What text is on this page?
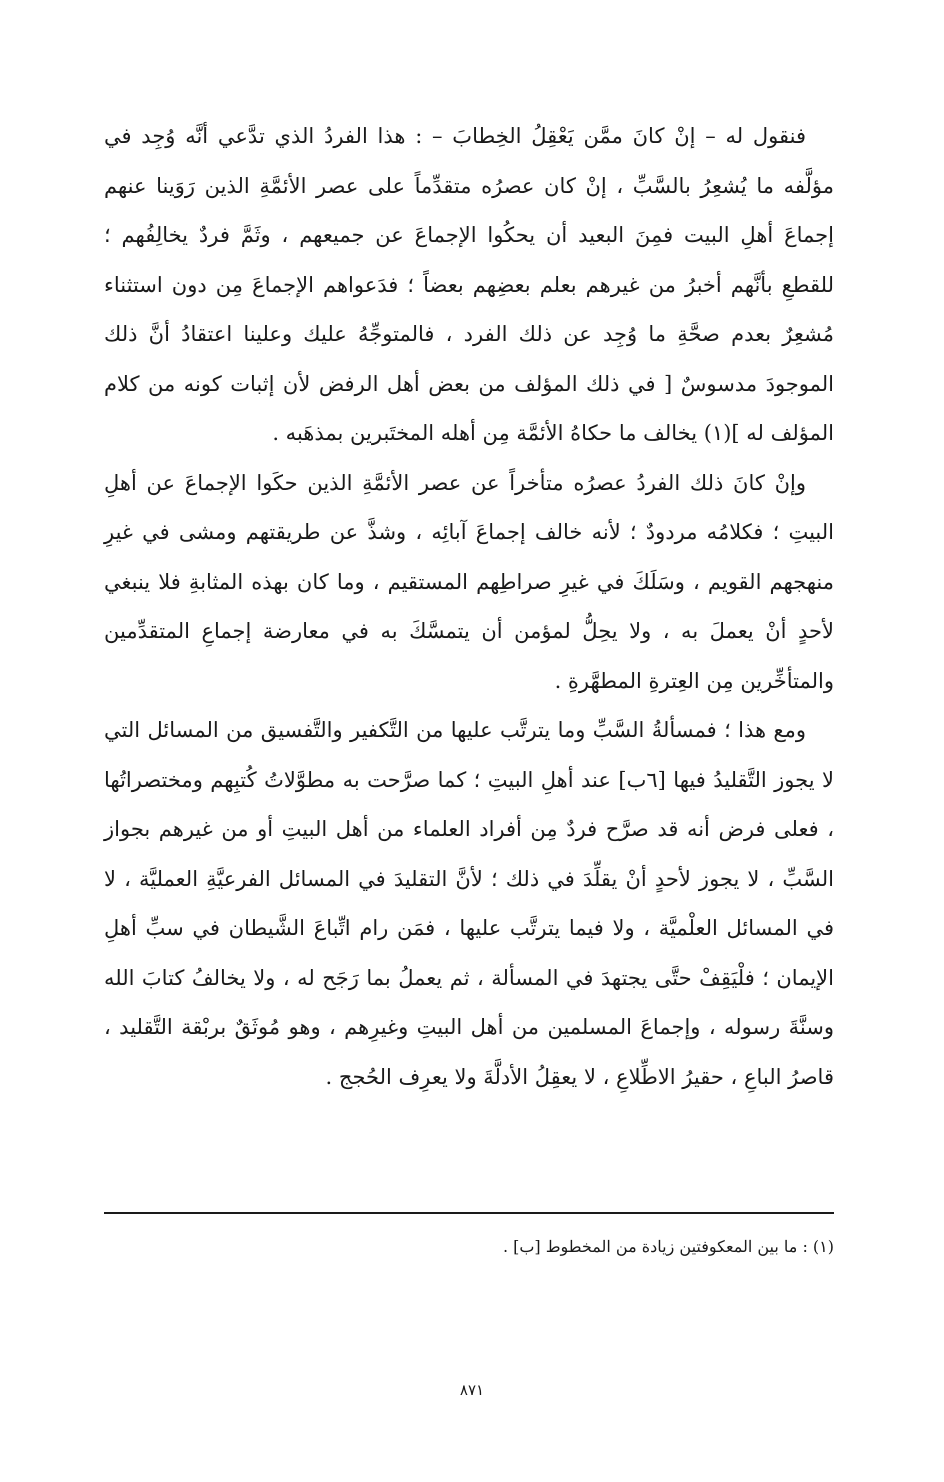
فنقول له – إنْ كانَ ممَّن يَعْقِلُ الخِطابَ – : هذا الفردُ الذي تدَّعي أنَّه وُجِد في مؤلَّفه ما يُشعِرُ بالسَّبِّ ، إنْ كان عصرُه متقدِّماً على عصر الأئمَّةِ الذين رَوَينا عنهم إجماعَ أهلِ البيت فمِنَ البعيد أن يحكُوا الإجماعَ عن جميعهم ، وثَمَّ فردٌ يخالِفُهم ؛ للقطعِ بأنَّهم أخبرُ من غيرهم بعلم بعضِهم بعضاً ؛ فدَعواهم الإجماعَ مِن دون استثناء مُشعِرٌ بعدم صحَّةِ ما وُجِد عن ذلك الفرد ، فالمتوجِّهُ عليك وعلينا اعتقادُ أنَّ ذلك الموجودَ مدسوسٌ [ في ذلك المؤلف من بعض أهل الرفض لأن إثبات كونه من كلام المؤلف له ](١) يخالف ما حكاهُ الأئمَّة مِن أهله المختَبرين بمذهَبه .

وإنْ كانَ ذلك الفردُ عصرُه متأخراً عن عصر الأئمَّةِ الذين حكَوا الإجماعَ عن أهلِ البيتِ ؛ فكلامُه مردودٌ ؛ لأنه خالف إجماعَ آبائِه ، وشذَّ عن طريقتهم ومشى في غيرِ منهجهم القويم ، وسَلَكَ في غيرِ صراطِهم المستقيم ، وما كان بهذه المثابةِ فلا ينبغي لأحدٍ أنْ يعملَ به ، ولا يحِلُّ لمؤمن أن يتمسَّكَ به في معارضة إجماعِ المتقدِّمين والمتأخِّرين مِن العِترةِ المطهَّرةِ .

ومع هذا ؛ فمسألةُ السَّبِّ وما يترتَّب عليها من التَّكفير والتَّفسيق من المسائل التي لا يجوز التَّقليدُ فيها [٦ب] عند أهلِ البيتِ ؛ كما صرَّحت به مطوَّلاتُ كُتبِهم ومختصراتُها ، فعلى فرض أنه قد صرَّح فردٌ مِن أفراد العلماء من أهل البيتِ أو من غيرهم بجواز السَّبِّ ، لا يجوز لأحدٍ أنْ يقلِّدَ في ذلك ؛ لأنَّ التقليدَ في المسائل الفرعيَّةِ العمليَّة ، لا في المسائل العلْميَّة ، ولا فيما يترتَّب عليها ، فمَن رام اتِّباعَ الشَّيطان في سبِّ أهلِ الإيمان ؛ فلْيَقِفْ حتَّى يجتهدَ في المسألة ، ثم يعملُ بما رَجَح له ، ولا يخالفُ كتابَ الله وسنَّةَ رسوله ، وإجماعَ المسلمين من أهل البيتِ وغيرِهم ، وهو مُوثَقٌ بربْقة التَّقليد ، قاصرُ الباعِ ، حقيرُ الاطِّلاعِ ، لا يعقِلُ الأدلَّةَ ولا يعرِف الحُجج .

(١) : ما بين المعكوفتين زيادة من المخطوط [ب] .
٨٧١
